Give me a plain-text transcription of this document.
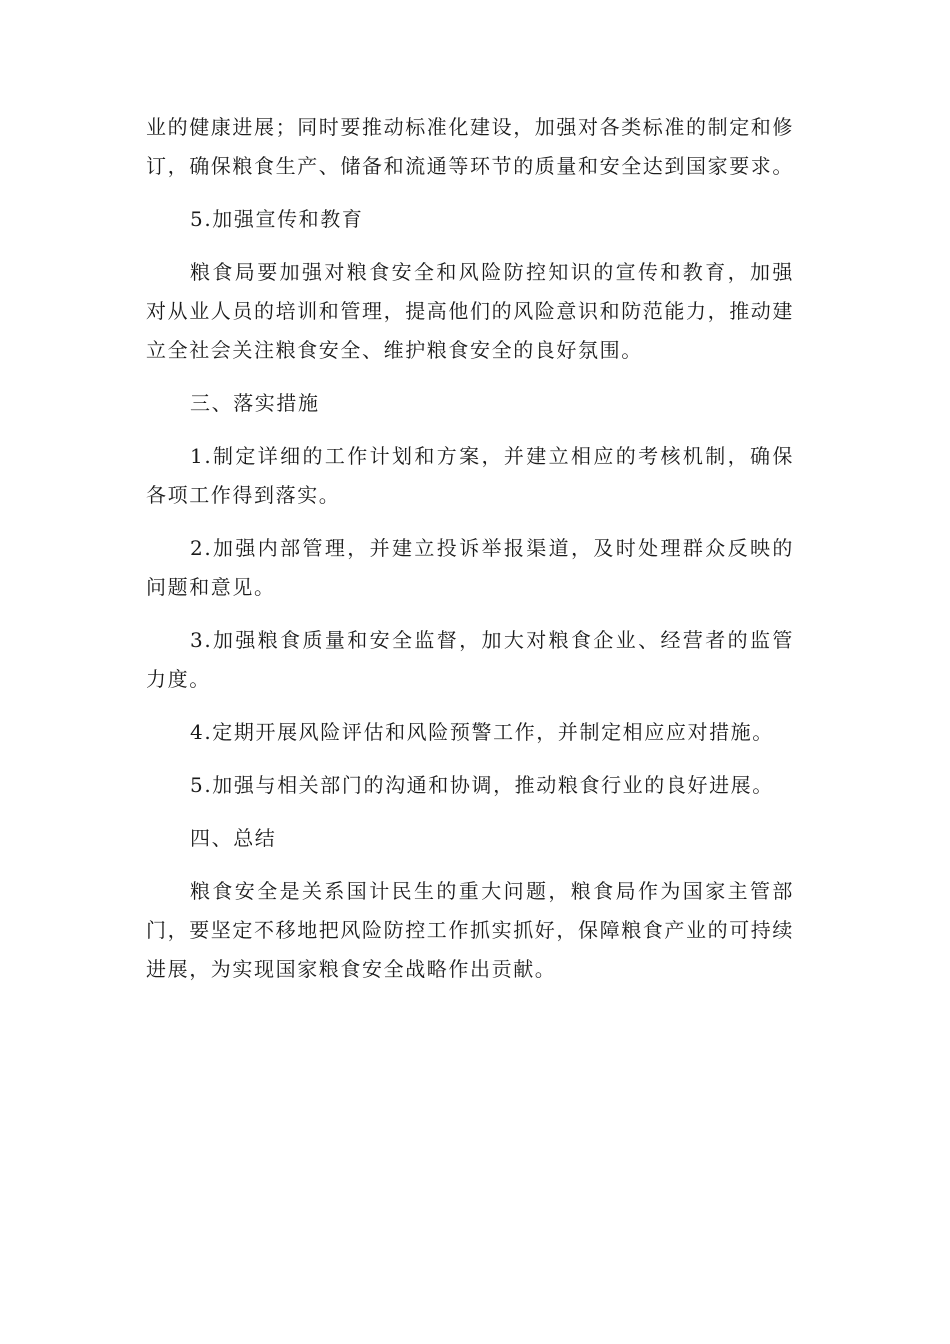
业的健康进展；同时要推动标准化建设，加强对各类标准的制定和修订，确保粮食生产、储备和流通等环节的质量和安全达到国家要求。

5.加强宣传和教育

粮食局要加强对粮食安全和风险防控知识的宣传和教育，加强对从业人员的培训和管理，提高他们的风险意识和防范能力，推动建立全社会关注粮食安全、维护粮食安全的良好氛围。

三、落实措施

1.制定详细的工作计划和方案，并建立相应的考核机制，确保各项工作得到落实。

2.加强内部管理，并建立投诉举报渠道，及时处理群众反映的问题和意见。

3.加强粮食质量和安全监督，加大对粮食企业、经营者的监管力度。

4.定期开展风险评估和风险预警工作，并制定相应应对措施。

5.加强与相关部门的沟通和协调，推动粮食行业的良好进展。

四、总结

粮食安全是关系国计民生的重大问题，粮食局作为国家主管部门，要坚定不移地把风险防控工作抓实抓好，保障粮食产业的可持续进展，为实现国家粮食安全战略作出贡献。
